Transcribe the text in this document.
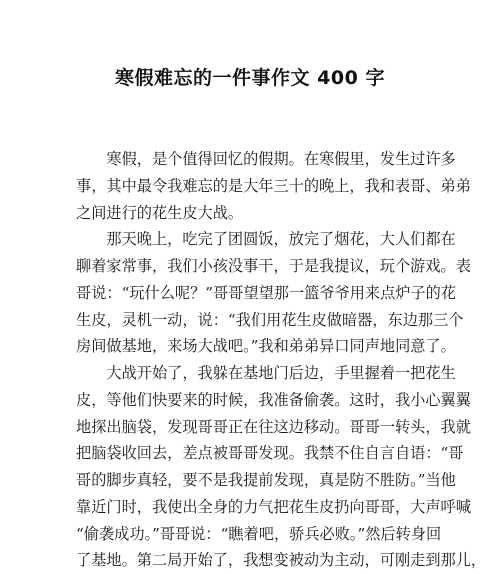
寒假难忘的一件事作文 400 字
　　寒假，是个值得回忆的假期。在寒假里，发生过许多
事，其中最令我难忘的是大年三十的晚上，我和表哥、弟弟
之间进行的花生皮大战。
　　那天晚上，吃完了团圆饭，放完了烟花，大人们都在
聊着家常事，我们小孩没事干，于是我提议，玩个游戏。表
哥说：“玩什么呢？”哥哥望望那一篮爷爷用来点炉子的花
生皮，灵机一动，说：“我们用花生皮做暗器，东边那三个
房间做基地，来场大战吧。”我和弟弟异口同声地同意了。
　　大战开始了，我躲在基地门后边，手里握着一把花生
皮，等他们快要来的时候，我准备偷袭。这时，我小心翼翼
地探出脑袋，发现哥哥正在往这边移动。哥哥一转头，我就
把脑袋收回去，差点被哥哥发现。我禁不住自言自语：“哥
哥的脚步真轻，要不是我提前发现，真是防不胜防。”当他
靠近门时，我使出全身的力气把花生皮扔向哥哥，大声呼喊
“偷袭成功。”哥哥说：“瞧着吧，骄兵必败。”然后转身回
了基地。第二局开始了，我想变被动为主动，可刚走到那儿，
